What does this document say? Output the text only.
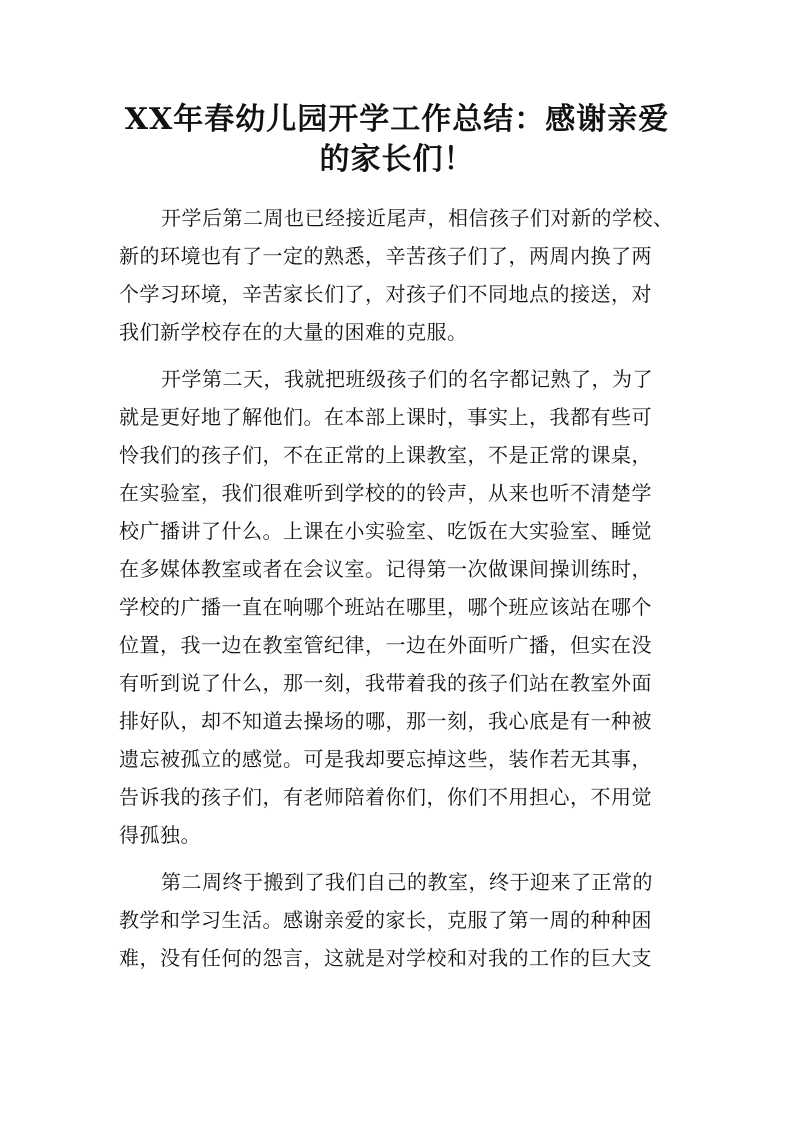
XX年春幼儿园开学工作总结：感谢亲爱
的家长们！
开学后第二周也已经接近尾声，相信孩子们对新的学校、
新的环境也有了一定的熟悉，辛苦孩子们了，两周内换了两
个学习环境，辛苦家长们了，对孩子们不同地点的接送，对
我们新学校存在的大量的困难的克服。
开学第二天，我就把班级孩子们的名字都记熟了，为了
就是更好地了解他们。在本部上课时，事实上，我都有些可
怜我们的孩子们，不在正常的上课教室，不是正常的课桌，
在实验室，我们很难听到学校的的铃声，从来也听不清楚学
校广播讲了什么。上课在小实验室、吃饭在大实验室、睡觉
在多媒体教室或者在会议室。记得第一次做课间操训练时，
学校的广播一直在响哪个班站在哪里，哪个班应该站在哪个
位置，我一边在教室管纪律，一边在外面听广播，但实在没
有听到说了什么，那一刻，我带着我的孩子们站在教室外面
排好队，却不知道去操场的哪，那一刻，我心底是有一种被
遗忘被孤立的感觉。可是我却要忘掉这些，装作若无其事，
告诉我的孩子们，有老师陪着你们，你们不用担心，不用觉
得孤独。
第二周终于搬到了我们自己的教室，终于迎来了正常的
教学和学习生活。感谢亲爱的家长，克服了第一周的种种困
难，没有任何的怨言，这就是对学校和对我的工作的巨大支
